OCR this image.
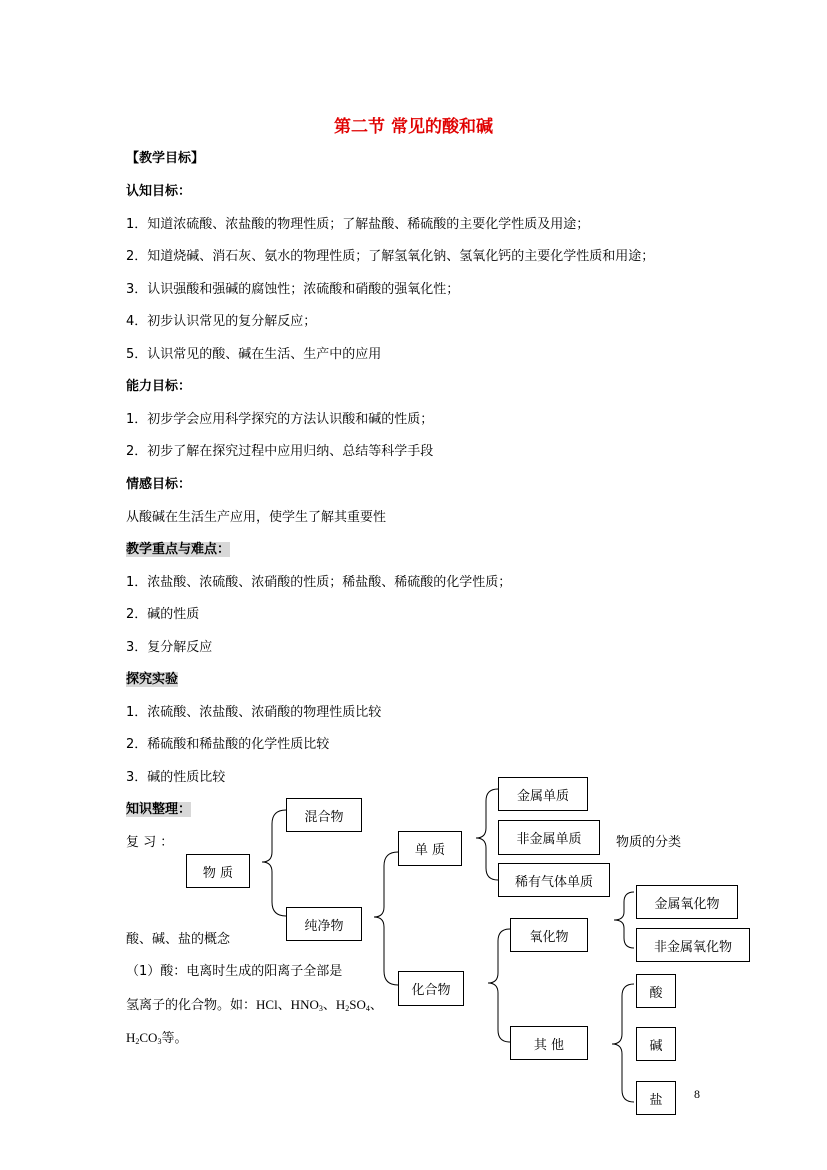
第二节 常见的酸和碱
【教学目标】
认知目标：
1．知道浓硫酸、浓盐酸的物理性质；了解盐酸、稀硫酸的主要化学性质及用途；
2．知道烧碱、消石灰、氨水的物理性质；了解氢氧化钠、氢氧化钙的主要化学性质和用途；
3．认识强酸和强碱的腐蚀性；浓硫酸和硝酸的强氧化性；
4．初步认识常见的复分解反应；
5．认识常见的酸、碱在生活、生产中的应用
能力目标：
1．初步学会应用科学探究的方法认识酸和碱的性质；
2．初步了解在探究过程中应用归纳、总结等科学手段
情感目标：
从酸碱在生活生产应用，使学生了解其重要性
教学重点与难点：
1．浓盐酸、浓硫酸、浓硝酸的性质；稀盐酸、稀硫酸的化学性质；
2．碱的性质
3．复分解反应
探究实验
1．浓硫酸、浓盐酸、浓硝酸的物理性质比较
2．稀硫酸和稀盐酸的化学性质比较
3．碱的性质比较
知识整理：
复 习 ：
酸、碱、盐的概念
（1）酸：电离时生成的阳离子全部是
氢离子的化合物。如：HCl、$HNO_3$、$H_2SO_4$、
$H_2CO_3$等。
物 质
混合物
纯净物
单 质
化合物
金属单质
非金属单质
稀有气体单质
物质的分类
氧化物
其 他
金属氧化物
非金属氧化物
酸
碱
盐	8
